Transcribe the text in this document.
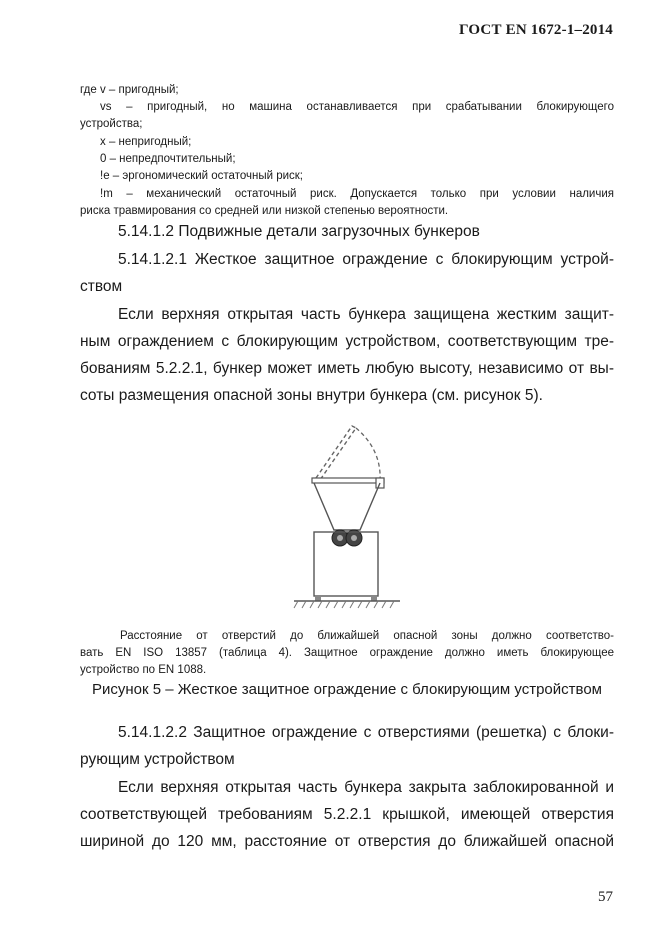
ГОСТ EN 1672-1–2014
где v – пригодный;
vs – пригодный, но машина останавливается при срабатывании блокирующего
устройства;
x – непригодный;
0 – непредпочтительный;
!e – эргономический остаточный риск;
!m – механический остаточный риск. Допускается только при условии наличия
риска травмирования со средней или низкой степенью вероятности.
5.14.1.2 Подвижные детали загрузочных бункеров
5.14.1.2.1 Жесткое защитное ограждение с блокирующим устрой-
ством
Если верхняя открытая часть бункера защищена жестким защит-
ным ограждением с блокирующим устройством, соответствующим тре-
бованиям 5.2.2.1, бункер может иметь любую высоту, независимо от вы-
соты размещения опасной зоны внутри бункера (см. рисунок 5).
Расстояние от отверстий до ближайшей опасной зоны должно соответство-
вать EN ISO 13857 (таблица 4). Защитное ограждение должно иметь блокирующее
устройство по EN 1088.
Рисунок 5 – Жесткое защитное ограждение с блокирующим устройством
5.14.1.2.2 Защитное ограждение с отверстиями (решетка) с блоки-
рующим устройством
Если верхняя открытая часть бункера закрыта заблокированной и
соответствующей требованиям 5.2.2.1 крышкой, имеющей отверстия
шириной до 120 мм, расстояние от отверстия до ближайшей опасной
57
